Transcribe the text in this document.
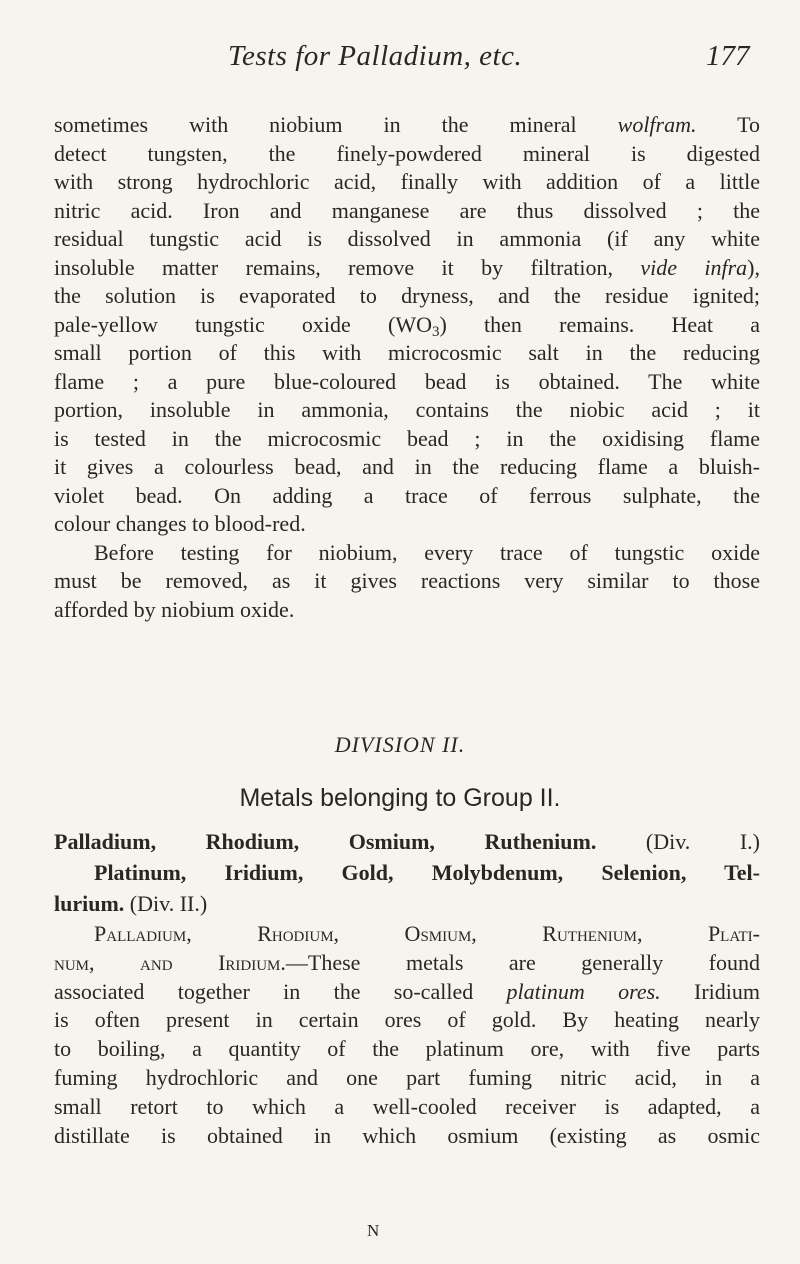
Tests for Palladium, etc.	177
sometimes with niobium in the mineral wolfram. To
detect tungsten, the finely-powdered mineral is digested
with strong hydrochloric acid, finally with addition of a little
nitric acid. Iron and manganese are thus dissolved ; the
residual tungstic acid is dissolved in ammonia (if any white
insoluble matter remains, remove it by filtration, vide infra),
the solution is evaporated to dryness, and the residue ignited;
pale-yellow tungstic oxide $(WO_3)$ then remains. Heat a
small portion of this with microcosmic salt in the reducing
flame ; a pure blue-coloured bead is obtained. The white
portion, insoluble in ammonia, contains the niobic acid ; it
is tested in the microcosmic bead ; in the oxidising flame
it gives a colourless bead, and in the reducing flame a bluish-
violet bead. On adding a trace of ferrous sulphate, the
colour changes to blood-red.
Before testing for niobium, every trace of tungstic oxide
must be removed, as it gives reactions very similar to those
afforded by niobium oxide.
DIVISION II.
Metals belonging to Group II.
Palladium, Rhodium, Osmium, Ruthenium. (Div. I.)
Platinum, Iridium, Gold, Molybdenum, Selenion, Tel-
lurium. (Div. II.)
Palladium, Rhodium, Osmium, Ruthenium, Plati-
num, and Iridium.—These metals are generally found
associated together in the so-called platinum ores. Iridium
is often present in certain ores of gold. By heating nearly
to boiling, a quantity of the platinum ore, with five parts
fuming hydrochloric and one part fuming nitric acid, in a
small retort to which a well-cooled receiver is adapted, a
distillate is obtained in which osmium (existing as osmic
N
